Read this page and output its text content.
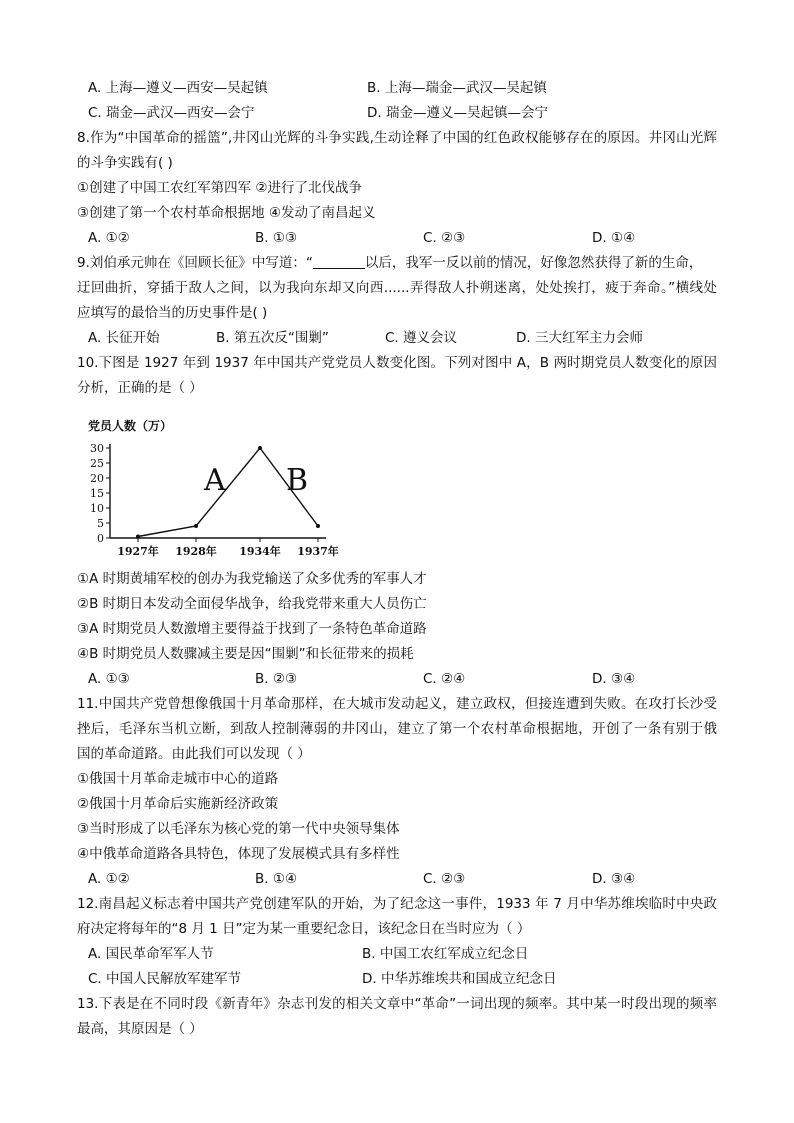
A. 上海—遵义—西安—吴起镇	B. 上海—瑞金—武汉—吴起镇
C. 瑞金—武汉—西安—会宁	D. 瑞金—遵义—吴起镇—会宁
8.作为“中国革命的摇篮”,井冈山光辉的斗争实践,生动诠释了中国的红色政权能够存在的原因。井冈山光辉
的斗争实践有( )
①创建了中国工农红军第四军 ②进行了北伐战争
③创建了第一个农村革命根据地 ④发动了南昌起义
A. ①②	B. ①③	C. ②③	D. ①④
9.刘伯承元帅在《回顾长征》中写道：“	以后，我军一反以前的情况，好像忽然获得了新的生命，
迂回曲折，穿插于敌人之间，以为我向东却又向西......弄得敌人扑朔迷离，处处挨打，疲于奔命。”横线处
应填写的最恰当的历史事件是( )
A. 长征开始	B. 第五次反“围剿”	C. 遵义会议	D. 三大红军主力会师
10.下图是 1927 年到 1937 年中国共产党党员人数变化图。下列对图中 A，B 两时期党员人数变化的原因
分析，正确的是（ ）
党员人数（万）
0
5
10
15
20
25
30
1927年 1928年 1934年 1937年
A B
①A 时期黄埔军校的创办为我党输送了众多优秀的军事人才
②B 时期日本发动全面侵华战争，给我党带来重大人员伤亡
③A 时期党员人数激增主要得益于找到了一条特色革命道路
④B 时期党员人数骤减主要是因“围剿”和长征带来的损耗
A. ①③	B. ②③	C. ②④	D. ③④
11.中国共产党曾想像俄国十月革命那样，在大城市发动起义，建立政权，但接连遭到失败。在攻打长沙受
挫后，毛泽东当机立断，到敌人控制薄弱的井冈山，建立了第一个农村革命根据地，开创了一条有别于俄
国的革命道路。由此我们可以发现（ ）
①俄国十月革命走城市中心的道路
②俄国十月革命后实施新经济政策
③当时形成了以毛泽东为核心党的第一代中央领导集体
④中俄革命道路各具特色，体现了发展模式具有多样性
A. ①②	B. ①④	C. ②③	D. ③④
12.南昌起义标志着中国共产党创建军队的开始，为了纪念这一事件，1933 年 7 月中华苏维埃临时中央政
府决定将每年的“8 月 1 日”定为某一重要纪念日，该纪念日在当时应为（ ）
A. 国民革命军军人节	B. 中国工农红军成立纪念日
C. 中国人民解放军建军节	D. 中华苏维埃共和国成立纪念日
13.下表是在不同时段《新青年》杂志刊发的相关文章中“革命”一词出现的频率。其中某一时段出现的频率
最高，其原因是（ ）
